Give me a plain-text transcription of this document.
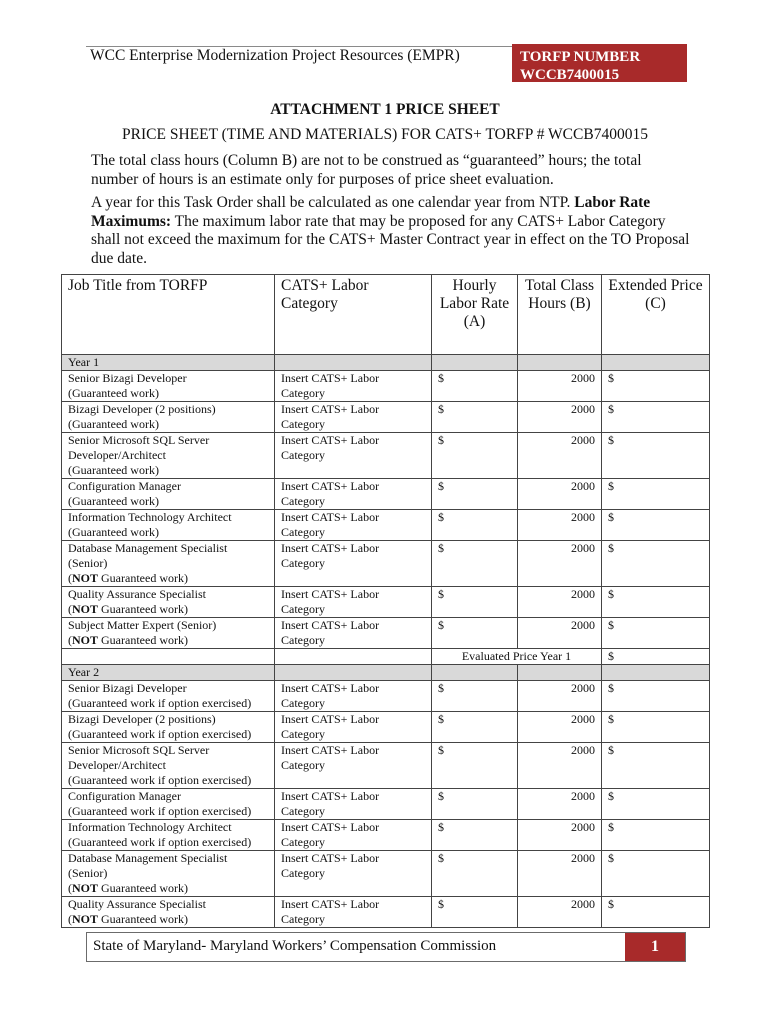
WCC Enterprise Modernization Project Resources (EMPR)	TORFP NUMBER
WCCB7400015
ATTACHMENT 1 PRICE SHEET
PRICE SHEET (TIME AND MATERIALS) FOR CATS+ TORFP # WCCB7400015
The total class hours (Column B) are not to be construed as “guaranteed” hours; the total number of hours is an estimate only for purposes of price sheet evaluation.
A year for this Task Order shall be calculated as one calendar year from NTP. Labor Rate Maximums: The maximum labor rate that may be proposed for any CATS+ Labor Category shall not exceed the maximum for the CATS+ Master Contract year in effect on the TO Proposal due date.
Job Title from TORFP	CATS+ Labor Category	Hourly Labor Rate (A)	Total Class Hours (B)	Extended Price (C)
Year 1				

Senior Bizagi Developer
(Guaranteed work)	Insert CATS+ Labor Category	$	2000	$

Bizagi Developer (2 positions)
(Guaranteed work)	Insert CATS+ Labor Category	$	2000	$

Senior Microsoft SQL Server Developer/Architect
(Guaranteed work)	Insert CATS+ Labor Category	$	2000	$

Configuration Manager
(Guaranteed work)	Insert CATS+ Labor Category	$	2000	$

Information Technology Architect
(Guaranteed work)	Insert CATS+ Labor Category	$	2000	$

Database Management Specialist (Senior)
(NOT Guaranteed work)	Insert CATS+ Labor Category	$	2000	$

Quality Assurance Specialist
(NOT Guaranteed work)	Insert CATS+ Labor Category	$	2000	$

Subject Matter Expert (Senior)
(NOT Guaranteed work)	Insert CATS+ Labor Category	$	2000	$
		Evaluated Price Year 1		$
Year 2				

Senior Bizagi Developer
(Guaranteed work if option exercised)	Insert CATS+ Labor Category	$	2000	$

Bizagi Developer (2 positions)
(Guaranteed work if option exercised)	Insert CATS+ Labor Category	$	2000	$

Senior Microsoft SQL Server Developer/Architect
(Guaranteed work if option exercised)	Insert CATS+ Labor Category	$	2000	$

Configuration Manager
(Guaranteed work if option exercised)	Insert CATS+ Labor Category	$	2000	$

Information Technology Architect
(Guaranteed work if option exercised)	Insert CATS+ Labor Category	$	2000	$

Database Management Specialist (Senior)
(NOT Guaranteed work)	Insert CATS+ Labor Category	$	2000	$

Quality Assurance Specialist
(NOT Guaranteed work)	Insert CATS+ Labor Category	$	2000	$
State of Maryland- Maryland Workers’ Compensation Commission	1
